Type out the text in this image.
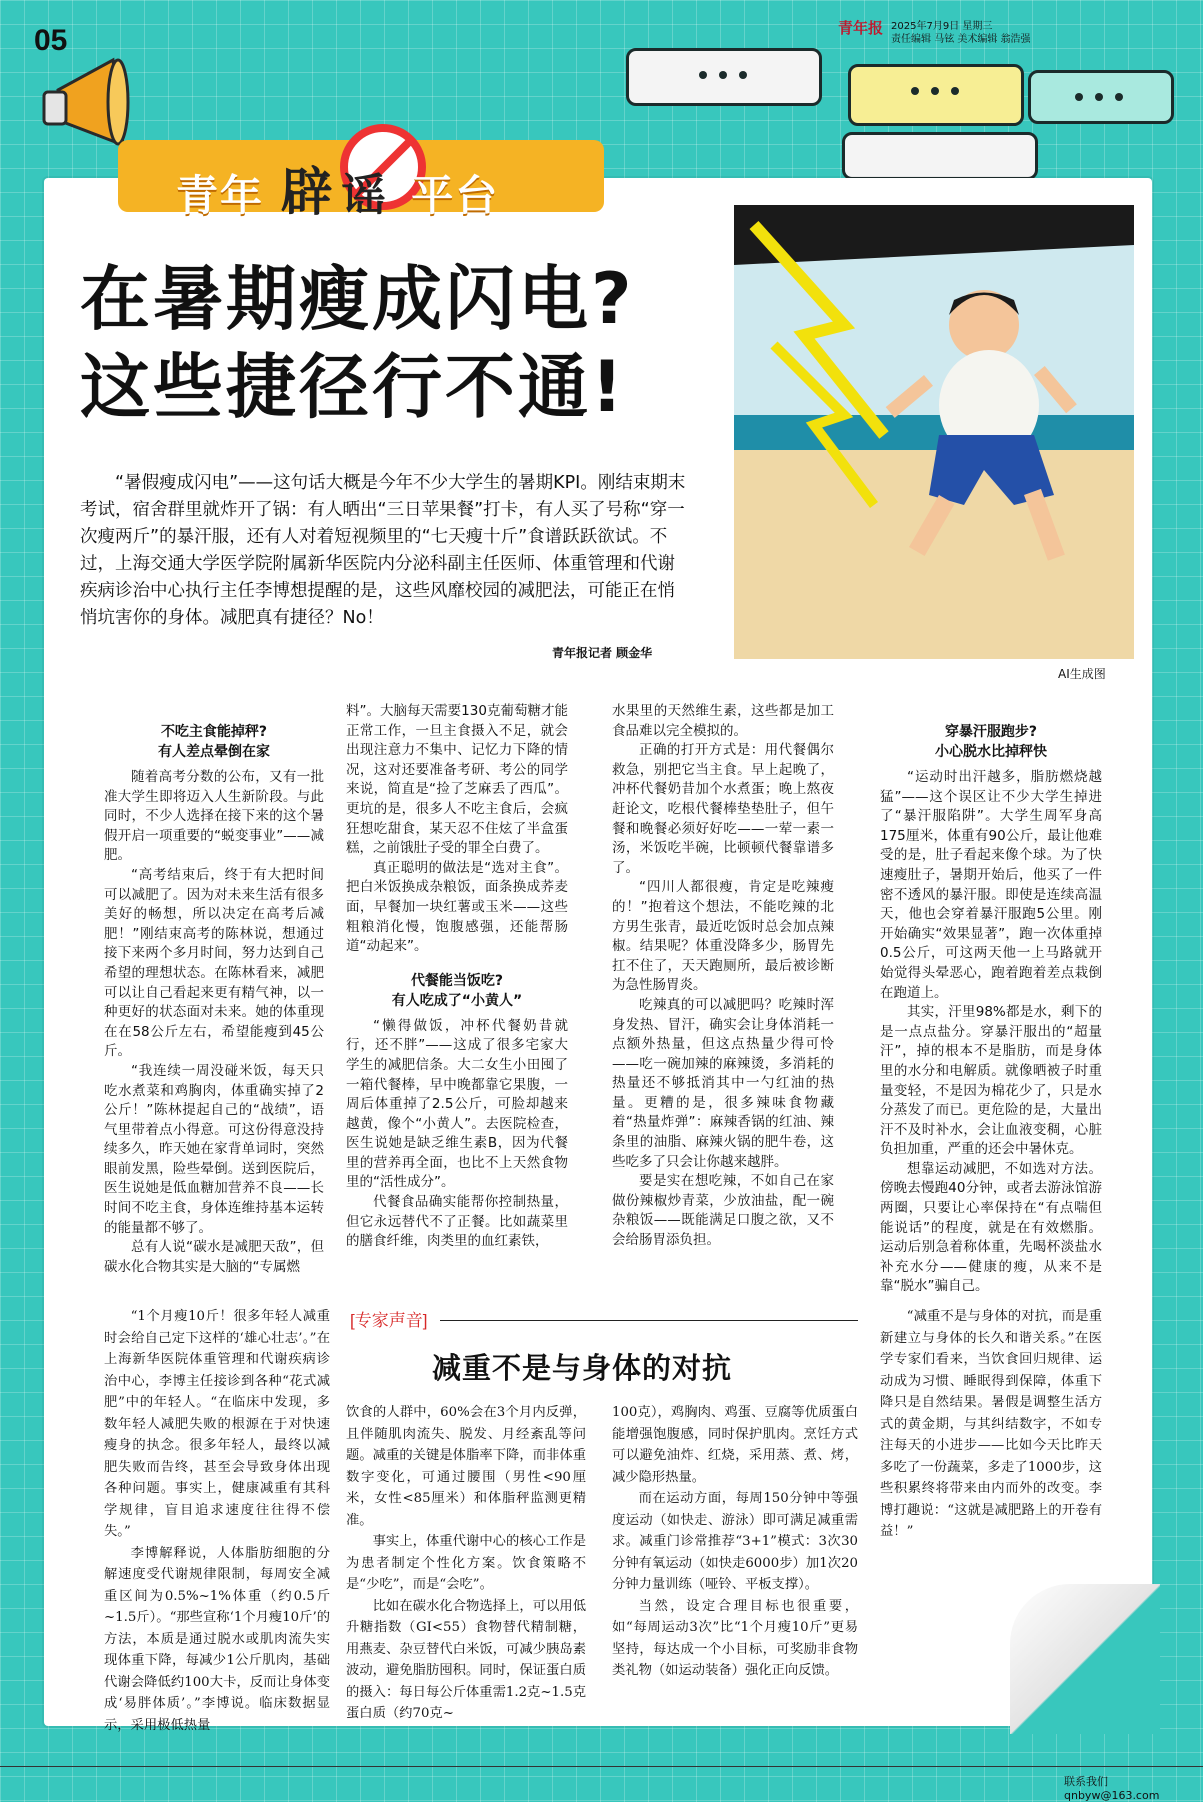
05	青年报 2025年7月9日 星期三
责任编辑 马铉 美术编辑 翁浩强
青年 辟 谣 平台
在暑期瘦成闪电?
这些捷径行不通!
“暑假瘦成闪电”——这句话大概是今年不少大学生的暑期KPI。刚结束期末考试，宿舍群里就炸开了锅：有人晒出“三日苹果餐”打卡，有人买了号称“穿一次瘦两斤”的暴汗服，还有人对着短视频里的“七天瘦十斤”食谱跃跃欲试。不过，上海交通大学医学院附属新华医院内分泌科副主任医师、体重管理和代谢疾病诊治中心执行主任李博想提醒的是，这些风靡校园的减肥法，可能正在悄悄坑害你的身体。减肥真有捷径？No！
青年报记者 顾金华
AI生成图
不吃主食能掉秤?
有人差点晕倒在家

随着高考分数的公布，又有一批准大学生即将迈入人生新阶段。与此同时，不少人选择在接下来的这个暑假开启一项重要的“蜕变事业”——减肥。

“高考结束后，终于有大把时间可以减肥了。因为对未来生活有很多美好的畅想，所以决定在高考后减肥！”刚结束高考的陈林说，想通过接下来两个多月时间，努力达到自己希望的理想状态。在陈林看来，减肥可以让自己看起来更有精气神，以一种更好的状态面对未来。她的体重现在在58公斤左右，希望能瘦到45公斤。

“我连续一周没碰米饭，每天只吃水煮菜和鸡胸肉，体重确实掉了2公斤！”陈林提起自己的“战绩”，语气里带着点小得意。可这份得意没持续多久，昨天她在家背单词时，突然眼前发黑，险些晕倒。送到医院后，医生说她是低血糖加营养不良——长时间不吃主食，身体连维持基本运转的能量都不够了。

总有人说“碳水是减肥天敌”，但碳水化合物其实是大脑的“专属燃

料”。大脑每天需要130克葡萄糖才能正常工作，一旦主食摄入不足，就会出现注意力不集中、记忆力下降的情况，这对还要准备考研、考公的同学来说，简直是“捡了芝麻丢了西瓜”。更坑的是，很多人不吃主食后，会疯狂想吃甜食，某天忍不住炫了半盒蛋糕，之前饿肚子受的罪全白费了。

真正聪明的做法是“选对主食”。把白米饭换成杂粮饭，面条换成荞麦面，早餐加一块红薯或玉米——这些粗粮消化慢，饱腹感强，还能帮肠道“动起来”。

代餐能当饭吃?
有人吃成了“小黄人”

“懒得做饭，冲杯代餐奶昔就行，还不胖”——这成了很多宅家大学生的减肥信条。大二女生小田囤了一箱代餐棒，早中晚都靠它果腹，一周后体重掉了2.5公斤，可脸却越来越黄，像个“小黄人”。去医院检查，医生说她是缺乏维生素B，因为代餐里的营养再全面，也比不上天然食物里的“活性成分”。

代餐食品确实能帮你控制热量，但它永远替代不了正餐。比如蔬菜里的膳食纤维，肉类里的血红素铁，

水果里的天然维生素，这些都是加工食品难以完全模拟的。

正确的打开方式是：用代餐偶尔救急，别把它当主食。早上起晚了，冲杯代餐奶昔加个水煮蛋；晚上熬夜赶论文，吃根代餐棒垫垫肚子，但午餐和晚餐必须好好吃——一荤一素一汤，米饭吃半碗，比顿顿代餐靠谱多了。

“四川人都很瘦，肯定是吃辣瘦的！”抱着这个想法，不能吃辣的北方男生张青，最近吃饭时总会加点辣椒。结果呢？体重没降多少，肠胃先扛不住了，天天跑厕所，最后被诊断为急性肠胃炎。

吃辣真的可以减肥吗？吃辣时浑身发热、冒汗，确实会让身体消耗一点额外热量，但这点热量少得可怜——吃一碗加辣的麻辣烫，多消耗的热量还不够抵消其中一勺红油的热量。更糟的是，很多辣味食物藏着“热量炸弹”：麻辣香锅的红油、辣条里的油脂、麻辣火锅的肥牛卷，这些吃多了只会让你越来越胖。

要是实在想吃辣，不如自己在家做份辣椒炒青菜，少放油盐，配一碗杂粮饭——既能满足口腹之欲，又不会给肠胃添负担。

穿暴汗服跑步?
小心脱水比掉秤快

“运动时出汗越多，脂肪燃烧越猛”——这个误区让不少大学生掉进了“暴汗服陷阱”。大学生周军身高175厘米，体重有90公斤，最让他难受的是，肚子看起来像个球。为了快速瘦肚子，暑期开始后，他买了一件密不透风的暴汗服。即使是连续高温天，他也会穿着暴汗服跑5公里。刚开始确实“效果显著”，跑一次体重掉0.5公斤，可这两天他一上马路就开始觉得头晕恶心，跑着跑着差点栽倒在跑道上。

其实，汗里98%都是水，剩下的是一点点盐分。穿暴汗服出的“超量汗”，掉的根本不是脂肪，而是身体里的水分和电解质。就像晒被子时重量变轻，不是因为棉花少了，只是水分蒸发了而已。更危险的是，大量出汗不及时补水，会让血液变稠，心脏负担加重，严重的还会中暑休克。

想靠运动减肥，不如选对方法。傍晚去慢跑40分钟，或者去游泳馆游两圈，只要让心率保持在“有点喘但能说话”的程度，就是在有效燃脂。运动后别急着称体重，先喝杯淡盐水补充水分——健康的瘦，从来不是靠“脱水”骗自己。

[专家声音]
减重不是与身体的对抗

“1个月瘦10斤！很多年轻人减重时会给自己定下这样的‘雄心壮志’。”在上海新华医院体重管理和代谢疾病诊治中心，李博主任接诊到各种“花式减肥”中的年轻人。“在临床中发现，多数年轻人减肥失败的根源在于对快速瘦身的执念。很多年轻人，最终以减肥失败而告终，甚至会导致身体出现各种问题。事实上，健康减重有其科学规律，盲目追求速度往往得不偿失。”

李博解释说，人体脂肪细胞的分解速度受代谢规律限制，每周安全减重区间为0.5%~1%体重（约0.5斤~1.5斤）。“那些宣称‘1个月瘦10斤’的方法，本质是通过脱水或肌肉流失实现体重下降，每减少1公斤肌肉，基础代谢会降低约100大卡，反而让身体变成‘易胖体质’。”李博说。临床数据显示，采用极低热量

饮食的人群中，60%会在3个月内反弹，且伴随肌肉流失、脱发、月经紊乱等问题。减重的关键是体脂率下降，而非体重数字变化，可通过腰围（男性<90厘米，女性<85厘米）和体脂秤监测更精准。

事实上，体重代谢中心的核心工作是为患者制定个性化方案。饮食策略不是“少吃”，而是“会吃”。

比如在碳水化合物选择上，可以用低升糖指数（GI<55）食物替代精制糖，用燕麦、杂豆替代白米饭，可减少胰岛素波动，避免脂肪囤积。同时，保证蛋白质的摄入：每日每公斤体重需1.2克~1.5克蛋白质（约70克~

100克），鸡胸肉、鸡蛋、豆腐等优质蛋白能增强饱腹感，同时保护肌肉。烹饪方式可以避免油炸、红烧，采用蒸、煮、烤，减少隐形热量。

而在运动方面，每周150分钟中等强度运动（如快走、游泳）即可满足减重需求。减重门诊常推荐“3+1”模式：3次30分钟有氧运动（如快走6000步）加1次20分钟力量训练（哑铃、平板支撑）。

当然，设定合理目标也很重要，如“每周运动3次”比“1个月瘦10斤”更易坚持，每达成一个小目标，可奖励非食物类礼物（如运动装备）强化正向反馈。

“减重不是与身体的对抗，而是重新建立与身体的长久和谐关系。”在医学专家们看来，当饮食回归规律、运动成为习惯、睡眠得到保障，体重下降只是自然结果。暑假是调整生活方式的黄金期，与其纠结数字，不如专注每天的小进步——比如今天比昨天多吃了一份蔬菜，多走了1000步，这些积累终将带来由内而外的改变。李博打趣说：“这就是减肥路上的开卷有益！”

联系我们 qnbyw@163.com
